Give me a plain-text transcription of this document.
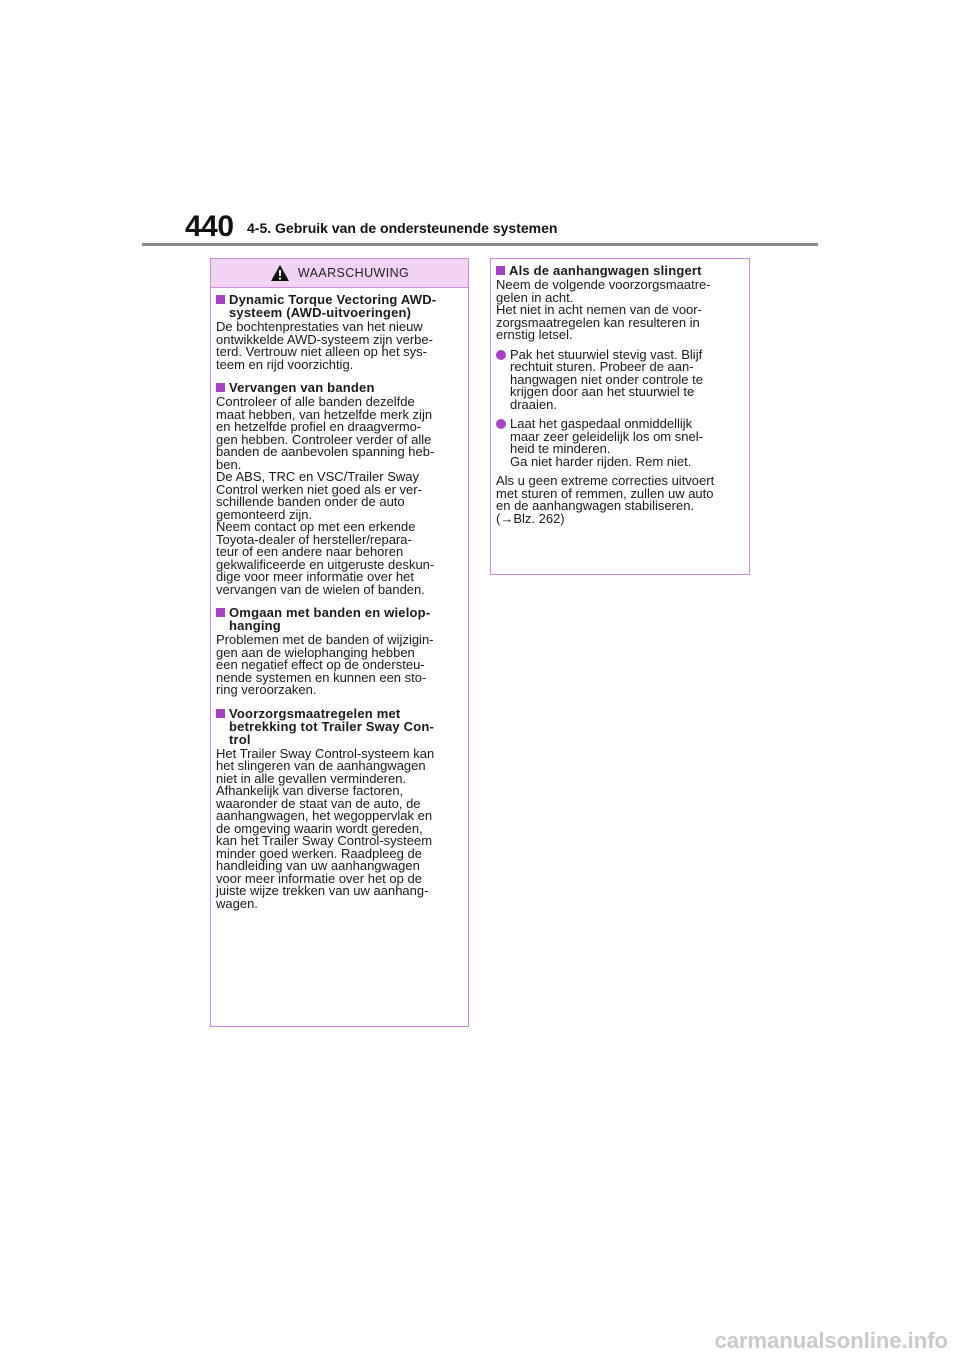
440 4-5. Gebruik van de ondersteunende systemen
WAARSCHUWING
Dynamic Torque Vectoring AWD-
systeem (AWD-uitvoeringen)

De bochtenprestaties van het nieuw
ontwikkelde AWD-systeem zijn verbe-
terd. Vertrouw niet alleen op het sys-
teem en rijd voorzichtig.

Vervangen van banden

Controleer of alle banden dezelfde
maat hebben, van hetzelfde merk zijn
en hetzelfde profiel en draagvermo-
gen hebben. Controleer verder of alle
banden de aanbevolen spanning heb-
ben.
De ABS, TRC en VSC/Trailer Sway
Control werken niet goed als er ver-
schillende banden onder de auto
gemonteerd zijn.
Neem contact op met een erkende
Toyota-dealer of hersteller/repara-
teur of een andere naar behoren
gekwalificeerde en uitgeruste deskun-
dige voor meer informatie over het
vervangen van de wielen of banden.

Omgaan met banden en wielop-
hanging

Problemen met de banden of wijzigin-
gen aan de wielophanging hebben
een negatief effect op de ondersteu-
nende systemen en kunnen een sto-
ring veroorzaken.

Voorzorgsmaatregelen met
betrekking tot Trailer Sway Con-
trol

Het Trailer Sway Control-systeem kan
het slingeren van de aanhangwagen
niet in alle gevallen verminderen.
Afhankelijk van diverse factoren,
waaronder de staat van de auto, de
aanhangwagen, het wegoppervlak en
de omgeving waarin wordt gereden,
kan het Trailer Sway Control-systeem
minder goed werken. Raadpleeg de
handleiding van uw aanhangwagen
voor meer informatie over het op de
juiste wijze trekken van uw aanhang-
wagen.

Als de aanhangwagen slingert

Neem de volgende voorzorgsmaatre-
gelen in acht.
Het niet in acht nemen van de voor-
zorgsmaatregelen kan resulteren in
ernstig letsel.

Pak het stuurwiel stevig vast. Blijf
rechtuit sturen. Probeer de aan-
hangwagen niet onder controle te
krijgen door aan het stuurwiel te
draaien.

Laat het gaspedaal onmiddellijk
maar zeer geleidelijk los om snel-
heid te minderen.
Ga niet harder rijden. Rem niet.

Als u geen extreme correcties uitvoert
met sturen of remmen, zullen uw auto
en de aanhangwagen stabiliseren.
(→Blz. 262)

carmanualsonline.info
